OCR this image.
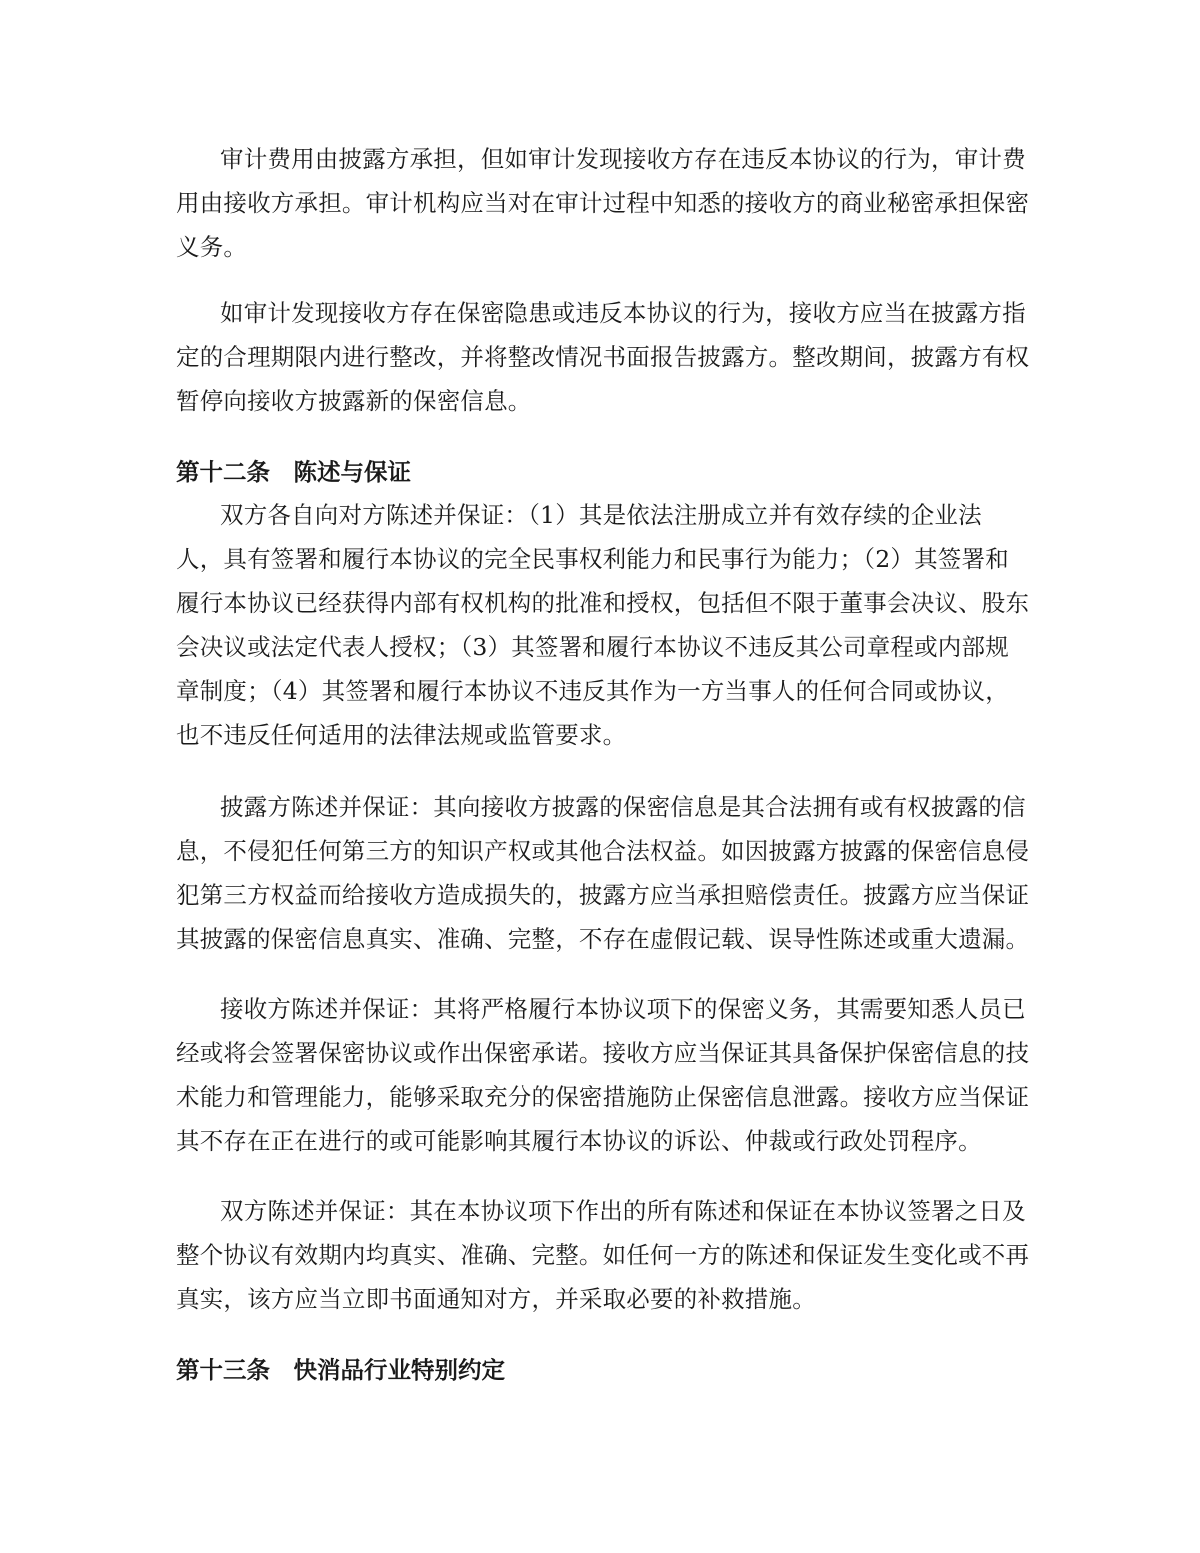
审计费用由披露方承担，但如审计发现接收方存在违反本协议的行为，审计费
用由接收方承担。审计机构应当对在审计过程中知悉的接收方的商业秘密承担保密
义务。
如审计发现接收方存在保密隐患或违反本协议的行为，接收方应当在披露方指
定的合理期限内进行整改，并将整改情况书面报告披露方。整改期间，披露方有权
暂停向接收方披露新的保密信息。
第十二条　陈述与保证
双方各自向对方陈述并保证：（1）其是依法注册成立并有效存续的企业法
人，具有签署和履行本协议的完全民事权利能力和民事行为能力；（2）其签署和
履行本协议已经获得内部有权机构的批准和授权，包括但不限于董事会决议、股东
会决议或法定代表人授权；（3）其签署和履行本协议不违反其公司章程或内部规
章制度；（4）其签署和履行本协议不违反其作为一方当事人的任何合同或协议，
也不违反任何适用的法律法规或监管要求。
披露方陈述并保证：其向接收方披露的保密信息是其合法拥有或有权披露的信
息，不侵犯任何第三方的知识产权或其他合法权益。如因披露方披露的保密信息侵
犯第三方权益而给接收方造成损失的，披露方应当承担赔偿责任。披露方应当保证
其披露的保密信息真实、准确、完整，不存在虚假记载、误导性陈述或重大遗漏。
接收方陈述并保证：其将严格履行本协议项下的保密义务，其需要知悉人员已
经或将会签署保密协议或作出保密承诺。接收方应当保证其具备保护保密信息的技
术能力和管理能力，能够采取充分的保密措施防止保密信息泄露。接收方应当保证
其不存在正在进行的或可能影响其履行本协议的诉讼、仲裁或行政处罚程序。
双方陈述并保证：其在本协议项下作出的所有陈述和保证在本协议签署之日及
整个协议有效期内均真实、准确、完整。如任何一方的陈述和保证发生变化或不再
真实，该方应当立即书面通知对方，并采取必要的补救措施。
第十三条　快消品行业特别约定
